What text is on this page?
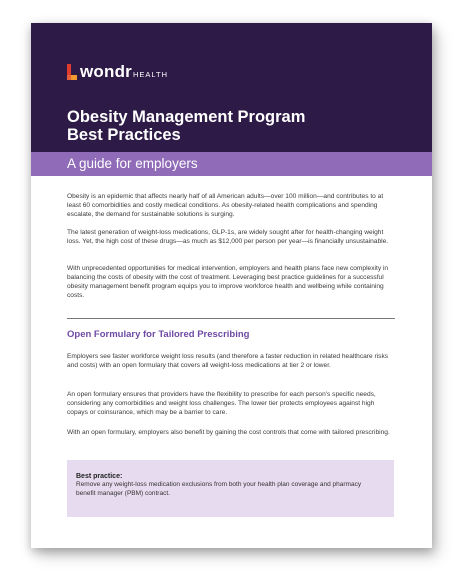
wondr HEALTH
Obesity Management Program
Best Practices
A guide for employers
Obesity is an epidemic that affects nearly half of all American adults—over 100 million—and contributes to at least 60 comorbidities and costly medical conditions. As obesity-related health complications and spending escalate, the demand for sustainable solutions is surging.
The latest generation of weight-loss medications, GLP-1s, are widely sought after for health-changing weight loss. Yet, the high cost of these drugs—as much as $12,000 per person per year—is financially unsustainable.
With unprecedented opportunities for medical intervention, employers and health plans face new complexity in balancing the costs of obesity with the cost of treatment. Leveraging best practice guidelines for a successful obesity management benefit program equips you to improve workforce health and wellbeing while containing costs.
Open Formulary for Tailored Prescribing
Employers see faster workforce weight loss results (and therefore a faster reduction in related healthcare risks and costs) with an open formulary that covers all weight-loss medications at tier 2 or lower.
An open formulary ensures that providers have the flexibility to prescribe for each person's specific needs, considering any comorbidities and weight loss challenges. The lower tier protects employees against high copays or coinsurance, which may be a barrier to care.
With an open formulary, employers also benefit by gaining the cost controls that come with tailored prescribing.
Best practice:
Remove any weight-loss medication exclusions from both your health plan coverage and pharmacy benefit manager (PBM) contract.
